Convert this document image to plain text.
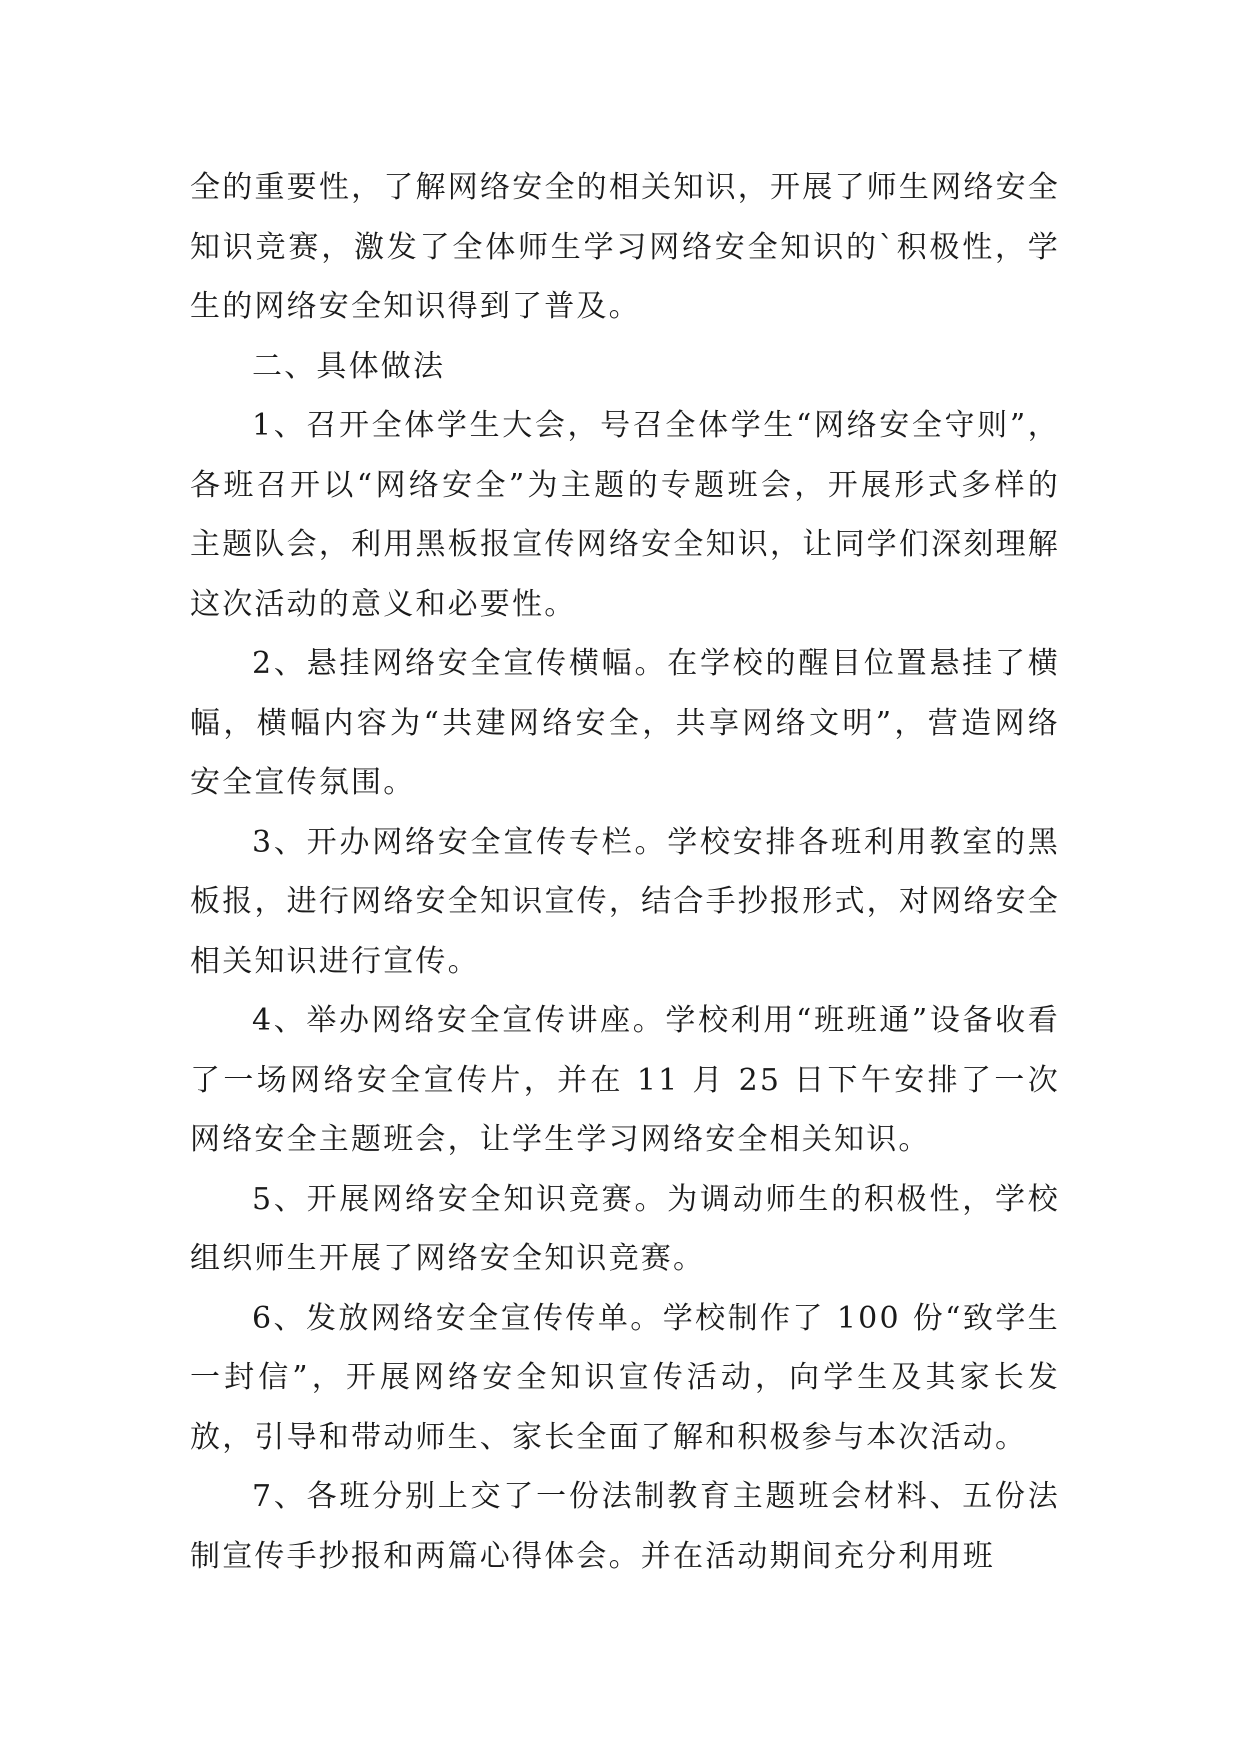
全的重要性，了解网络安全的相关知识，开展了师生网络安全知识竞赛，激发了全体师生学习网络安全知识的`积极性，学生的网络安全知识得到了普及。

二、具体做法

1、召开全体学生大会，号召全体学生“网络安全守则”，各班召开以“网络安全”为主题的专题班会，开展形式多样的主题队会，利用黑板报宣传网络安全知识，让同学们深刻理解这次活动的意义和必要性。

2、悬挂网络安全宣传横幅。在学校的醒目位置悬挂了横幅，横幅内容为“共建网络安全，共享网络文明”，营造网络安全宣传氛围。

3、开办网络安全宣传专栏。学校安排各班利用教室的黑板报，进行网络安全知识宣传，结合手抄报形式，对网络安全相关知识进行宣传。

4、举办网络安全宣传讲座。学校利用“班班通”设备收看了一场网络安全宣传片，并在 11 月 25 日下午安排了一次网络安全主题班会，让学生学习网络安全相关知识。

5、开展网络安全知识竞赛。为调动师生的积极性，学校组织师生开展了网络安全知识竞赛。

6、发放网络安全宣传传单。学校制作了 100 份“致学生一封信”，开展网络安全知识宣传活动，向学生及其家长发放，引导和带动师生、家长全面了解和积极参与本次活动。

7、各班分别上交了一份法制教育主题班会材料、五份法制宣传手抄报和两篇心得体会。并在活动期间充分利用班
